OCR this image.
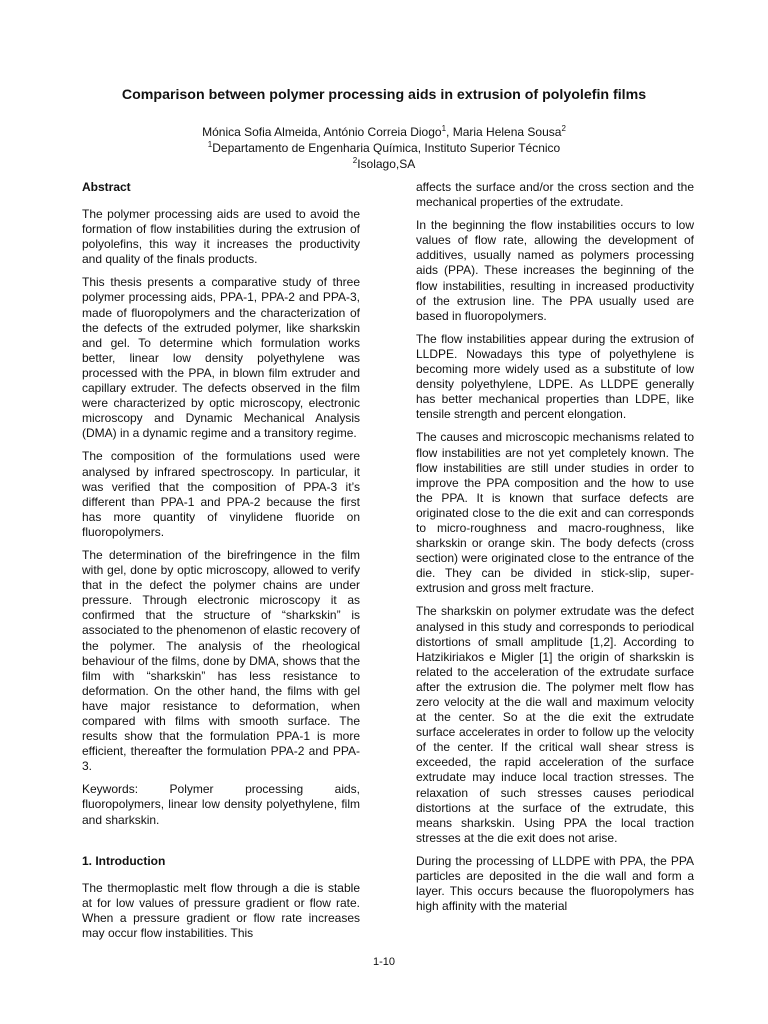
Comparison between polymer processing aids in extrusion of polyolefin films
Mónica Sofia Almeida, António Correia Diogo$^1$, Maria Helena Sousa$^2$
$^1$Departamento de Engenharia Química, Instituto Superior Técnico
$^2$Isolago,SA
Abstract

The polymer processing aids are used to avoid the formation of flow instabilities during the extrusion of polyolefins, this way it increases the productivity and quality of the finals products.

This thesis presents a comparative study of three polymer processing aids, PPA-1, PPA-2 and PPA-3, made of fluoropolymers and the characterization of the defects of the extruded polymer, like sharkskin and gel. To determine which formulation works better, linear low density polyethylene was processed with the PPA, in blown film extruder and capillary extruder. The defects observed in the film were characterized by optic microscopy, electronic microscopy and Dynamic Mechanical Analysis (DMA) in a dynamic regime and a transitory regime.

The composition of the formulations used were analysed by infrared spectroscopy. In particular, it was verified that the composition of PPA-3 it’s different than PPA-1 and PPA-2 because the first has more quantity of vinylidene fluoride on fluoropolymers.

The determination of the birefringence in the film with gel, done by optic microscopy, allowed to verify that in the defect the polymer chains are under pressure. Through electronic microscopy it as confirmed that the structure of “sharkskin” is associated to the phenomenon of elastic recovery of the polymer. The analysis of the rheological behaviour of the films, done by DMA, shows that the film with “sharkskin” has less resistance to deformation. On the other hand, the films with gel have major resistance to deformation, when compared with films with smooth surface. The results show that the formulation PPA-1 is more efficient, thereafter the formulation PPA-2 and PPA-3.

Keywords: Polymer processing aids, fluoropolymers, linear low density polyethylene, film and sharkskin.

1. Introduction

The thermoplastic melt flow through a die is stable at for low values of pressure gradient or flow rate. When a pressure gradient or flow rate increases may occur flow instabilities. This

affects the surface and/or the cross section and the mechanical properties of the extrudate.

In the beginning the flow instabilities occurs to low values of flow rate, allowing the development of additives, usually named as polymers processing aids (PPA). These increases the beginning of the flow instabilities, resulting in increased productivity of the extrusion line. The PPA usually used are based in fluoropolymers.

The flow instabilities appear during the extrusion of LLDPE. Nowadays this type of polyethylene is becoming more widely used as a substitute of low density polyethylene, LDPE. As LLDPE generally has better mechanical properties than LDPE, like tensile strength and percent elongation.

The causes and microscopic mechanisms related to flow instabilities are not yet completely known. The flow instabilities are still under studies in order to improve the PPA composition and the how to use the PPA. It is known that surface defects are originated close to the die exit and can corresponds to micro-roughness and macro-roughness, like sharkskin or orange skin. The body defects (cross section) were originated close to the entrance of the die. They can be divided in stick-slip, super-extrusion and gross melt fracture.

The sharkskin on polymer extrudate was the defect analysed in this study and corresponds to periodical distortions of small amplitude [1,2]. According to Hatzikiriakos e Migler [1] the origin of sharkskin is related to the acceleration of the extrudate surface after the extrusion die. The polymer melt flow has zero velocity at the die wall and maximum velocity at the center. So at the die exit the extrudate surface accelerates in order to follow up the velocity of the center. If the critical wall shear stress is exceeded, the rapid acceleration of the surface extrudate may induce local traction stresses. The relaxation of such stresses causes periodical distortions at the surface of the extrudate, this means sharkskin. Using PPA the local traction stresses at the die exit does not arise.

During the processing of LLDPE with PPA, the PPA particles are deposited in the die wall and form a layer. This occurs because the fluoropolymers has high affinity with the material

1-10
